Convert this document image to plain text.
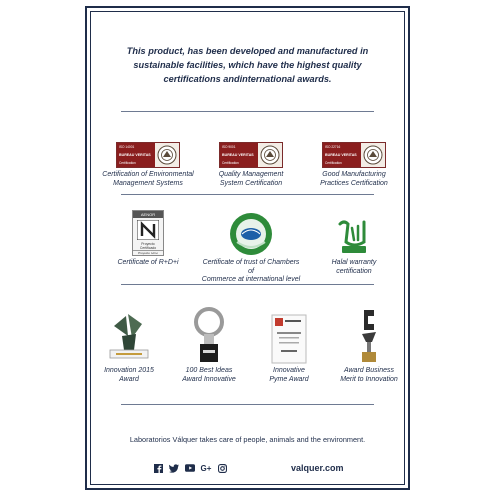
This product, has been developed and manufactured in
sustainable facilities, which have the highest quality
certifications andinternational awards.
ISO 14001
BUREAU VERITAS
Certification
Certification of Environmental
Management Systems
ISO 9001
BUREAU VERITAS
Certification
Quality Management
System Certification
ISO 22716
BUREAU VERITAS
Certification
Good Manufacturing
Practices Certification
AENOR
Proyecto Certificado
Proyecto I+D+i
Certificate of R+D+i	Certificate of trust of Chambers of
Commerce at international level
Halal warranty
certification
Innovation 2015
Award
100 Best Ideas
Award Innovative
Innovative
Pyme Award
Award Business
Merit to Innovation
Laboratorios Válquer takes care of people, animals and the environment.
G+	valquer.com
